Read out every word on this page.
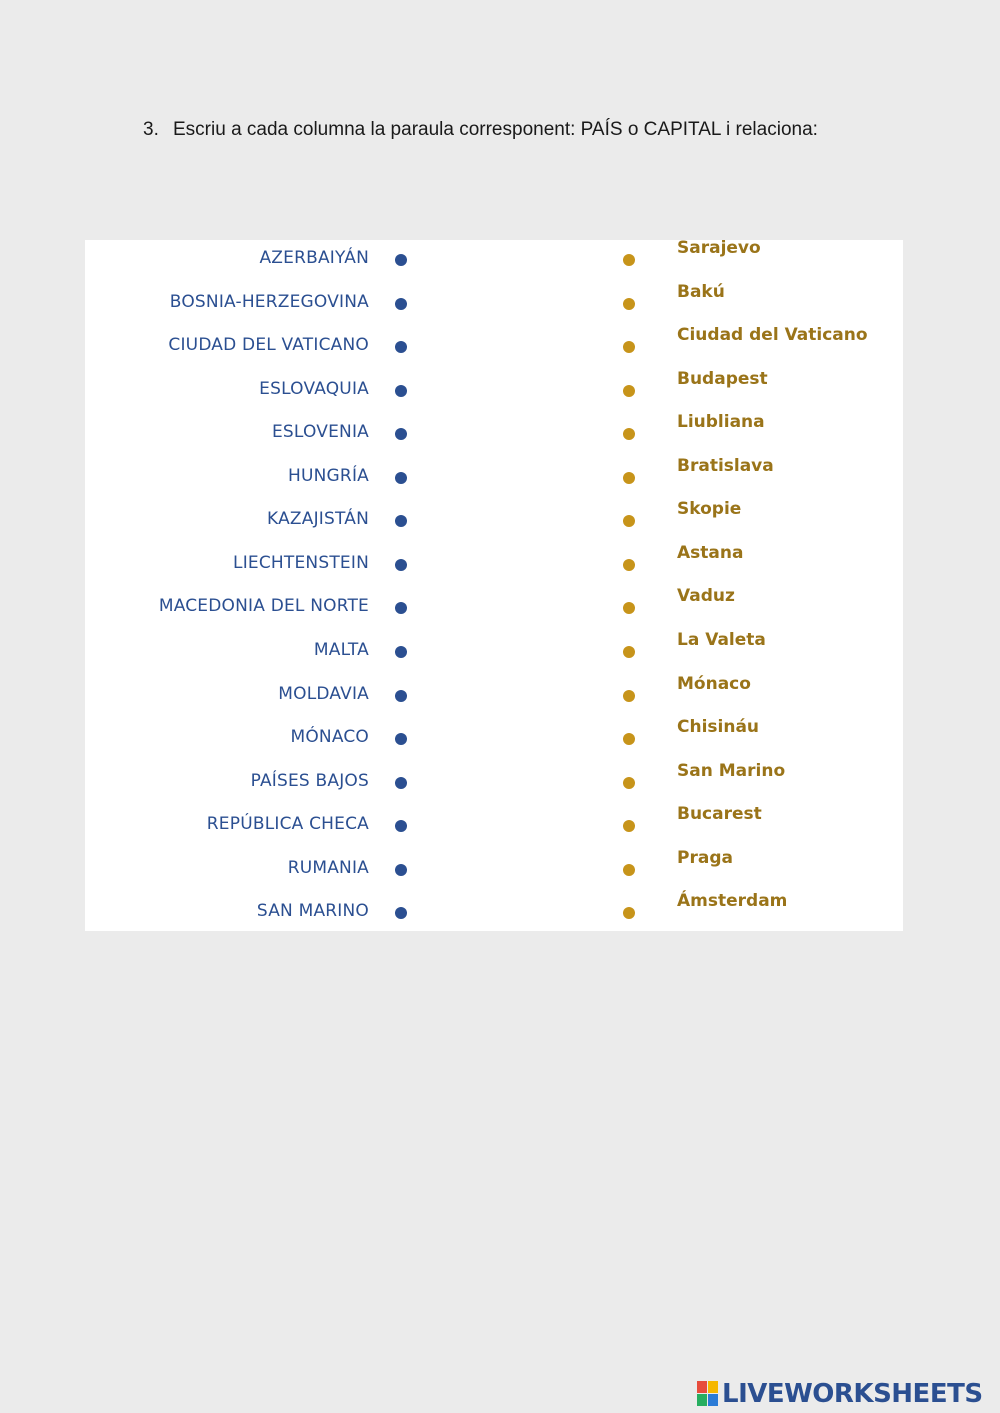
3. Escriu a cada columna la paraula corresponent: PAÍS o CAPITAL i relaciona:
AZERBAIYÁN	Sarajevo
BOSNIA-HERZEGOVINA	Bakú
CIUDAD DEL VATICANO	Ciudad del Vaticano
ESLOVAQUIA	Budapest
ESLOVENIA	Liubliana
HUNGRÍA	Bratislava
KAZAJISTÁN	Skopie
LIECHTENSTEIN	Astana
MACEDONIA DEL NORTE	Vaduz
MALTA	La Valeta
MOLDAVIA	Mónaco
MÓNACO	Chisináu
PAÍSES BAJOS	San Marino
REPÚBLICA CHECA	Bucarest
RUMANIA	Praga
SAN MARINO	Ámsterdam
LIVEWORKSHEETS
